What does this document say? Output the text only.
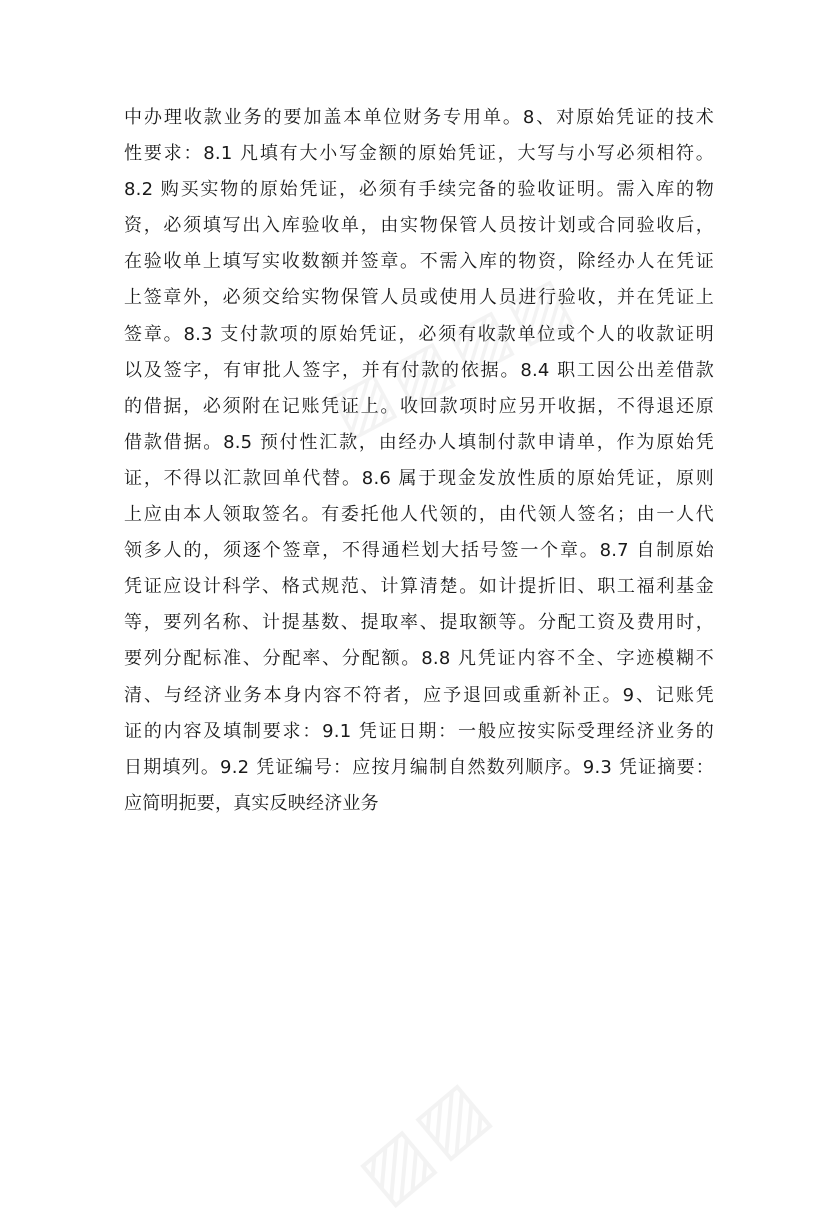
中办理收款业务的要加盖本单位财务专用单。8、对原始凭证的技术
性要求：8.1 凡填有大小写金额的原始凭证，大写与小写必须相符。
8.2 购买实物的原始凭证，必须有手续完备的验收证明。需入库的物
资，必须填写出入库验收单，由实物保管人员按计划或合同验收后，
在验收单上填写实收数额并签章。不需入库的物资，除经办人在凭证
上签章外，必须交给实物保管人员或使用人员进行验收，并在凭证上
签章。8.3 支付款项的原始凭证，必须有收款单位或个人的收款证明
以及签字，有审批人签字，并有付款的依据。8.4 职工因公出差借款
的借据，必须附在记账凭证上。收回款项时应另开收据，不得退还原
借款借据。8.5 预付性汇款，由经办人填制付款申请单，作为原始凭
证，不得以汇款回单代替。8.6 属于现金发放性质的原始凭证，原则
上应由本人领取签名。有委托他人代领的，由代领人签名；由一人代
领多人的，须逐个签章，不得通栏划大括号签一个章。8.7 自制原始
凭证应设计科学、格式规范、计算清楚。如计提折旧、职工福利基金
等，要列名称、计提基数、提取率、提取额等。分配工资及费用时，
要列分配标准、分配率、分配额。8.8 凡凭证内容不全、字迹模糊不
清、与经济业务本身内容不符者，应予退回或重新补正。9、记账凭
证的内容及填制要求：9.1 凭证日期：一般应按实际受理经济业务的
日期填列。9.2 凭证编号：应按月编制自然数列顺序。9.3 凭证摘要：
应简明扼要，真实反映经济业务
